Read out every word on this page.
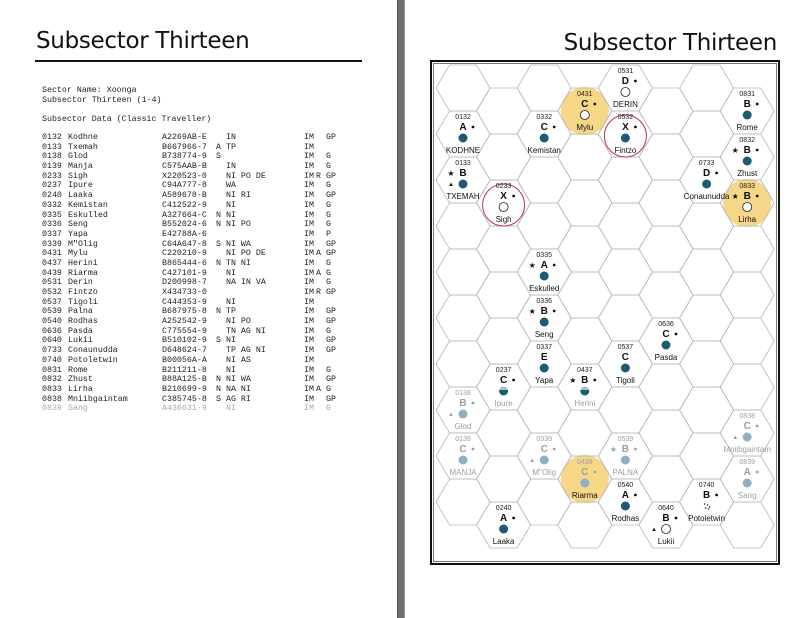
Subsector Thirteen
Sector Name: Xoonga
Subsector Thirteen (1-4)
Subsector Data (Classic Traveller)
0132 Kodhne	A2269AB-E IN	IM GP
0133 Txemah	B667966-7 A TP	IM
0138 Glod	B738774-9 S	IM G
0139 Manja	C575AAB-B IN	IM G
0233 Sigh	X220523-0 NI PO DE	IM R GP
0237 Ipure	C94A777-8 WA	IM G
0240 Laaka	A589678-B NI RI	IM GP
0332 Kemistan	C412522-9 NI	IM G
0335 Eskulled	A327664-C N NI	IM G
0336 Seng	B552024-6 N NI PO	IM G
0337 Yapa	E42788A-6	IM P
0339 M"Olig	C64A647-8 S NI WA	IM GP
0431 Mylu	C220210-9 NI PO DE	IM A GP
0437 Herini	B865444-6 N TN NI	IM G
0439 Riarma	C427101-9 NI	IM A G
0531 Derin	D200998-7 NA IN VA	IM G
0532 Fintzo	X434733-0	IM R GP
0537 Tigoli	C444353-9 NI	IM
0539 Palna	B687975-8 N TP	IM GP
0540 Rodhas	A252542-9 NI PO	IM GP
0636 Pasda	C775554-9 TN AG NI	IM G
0640 Lukii	B510102-9 S NI	IM GP
0733 Conaunudda	D648624-7 TP AG NI	IM GP
0740 Potoletwin	B00056A-A NI AS	IM
0831 Rome	B211211-8 NI	IM G
0832 Zhust	B88A125-B N NI WA	IM GP
0833 Lirha	B210699-9 N NA NI	IM A G
0838 Mniibgaintam	C385745-8 S AG RI	IM GP
0839 Sang	A436631-9 NI	IM G
Subsector Thirteen
0132
A
KODHNE
0133
B
★
▲
TXEMAH
0138
B
▲
Glod
0139
C
MANJA
0233
X
Sigh
0237
C
Ipure
0240
A
Laaka
0332
C
Kemistan
0335
A
★
Eskulled
0336
B
★
Seng
0337
E
Yapa
0339
C
▲
M"Olig
0431
C
Mylu
0437
B
★
Herini
0439
C
Riarma
0531
D
DERIN
0532
X
Fintzo
0537
C
Tigoli
0539
B
★
PALNA
0540
A
Rodhas
0636
C
Pasda
0640
B
▲
Lukii
0733
D
Conaunudda
0740
B
Potoletwin
0831
B
Rome
0832
B
★
Zhust
0833
B
★
Lirha
0838
C
▲
Mniibgaintam
0839
A
Sang
